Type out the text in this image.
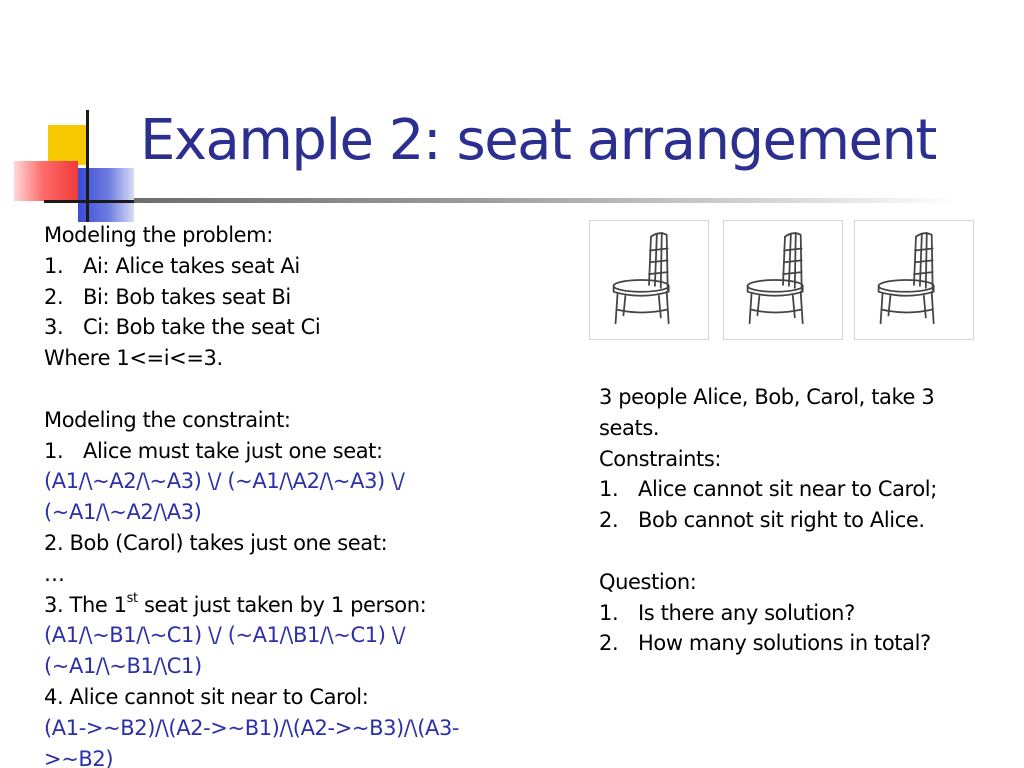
Example 2: seat arrangement
Modeling the problem:
1. Ai: Alice takes seat Ai
2. Bi: Bob takes seat Bi
3. Ci: Bob take the seat Ci
Where 1<=i<=3.
Modeling the constraint:
1. Alice must take just one seat:
(A1/\~A2/\~A3) \/ (~A1/\A2/\~A3) \/
(~A1/\~A2/\A3)
2. Bob (Carol) takes just one seat:
…
3. The 1st seat just taken by 1 person:
(A1/\~B1/\~C1) \/ (~A1/\B1/\~C1) \/
(~A1/\~B1/\C1)
4. Alice cannot sit near to Carol:
(A1->~B2)/\(A2->~B1)/\(A2->~B3)/\(A3-
>~B2)
3 people Alice, Bob, Carol, take 3
seats.
Constraints:
1. Alice cannot sit near to Carol;
2. Bob cannot sit right to Alice.
Question:
1. Is there any solution?
2. How many solutions in total?
